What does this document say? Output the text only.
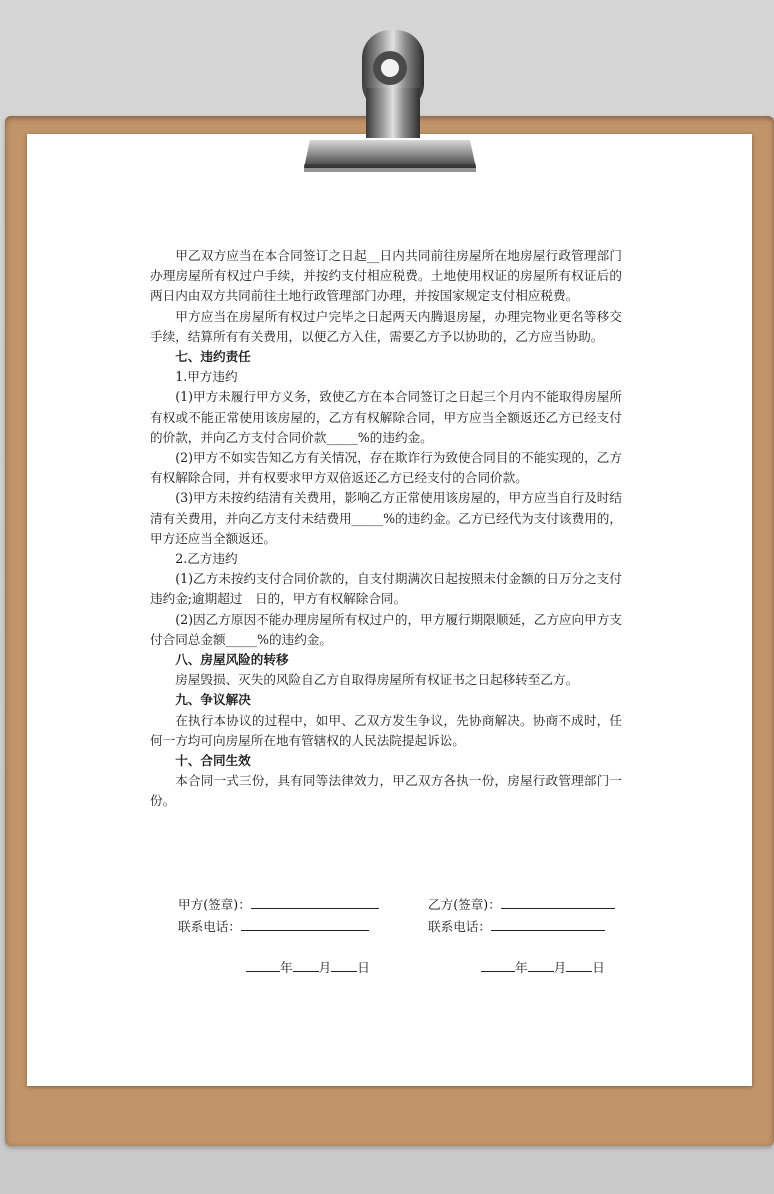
甲乙双方应当在本合同签订之日起__日内共同前往房屋所在地房屋行政管理部门办理房屋所有权过户手续，并按约支付相应税费。土地使用权证的房屋所有权证后的两日内由双方共同前往土地行政管理部门办理，并按国家规定支付相应税费。

甲方应当在房屋所有权过户完毕之日起两天内腾退房屋，办理完物业更名等移交手续，结算所有有关费用，以便乙方入住，需要乙方予以协助的，乙方应当协助。

七、违约责任
1.甲方违约

(1)甲方未履行甲方义务，致使乙方在本合同签订之日起三个月内不能取得房屋所有权或不能正常使用该房屋的，乙方有权解除合同，甲方应当全额返还乙方已经支付的价款，并向乙方支付合同价款_____%的违约金。

(2)甲方不如实告知乙方有关情况，存在欺诈行为致使合同目的不能实现的，乙方有权解除合同，并有权要求甲方双倍返还乙方已经支付的合同价款。

(3)甲方未按约结清有关费用，影响乙方正常使用该房屋的，甲方应当自行及时结清有关费用，并向乙方支付未结费用_____%的违约金。乙方已经代为支付该费用的，甲方还应当全额返还。

2.乙方违约

(1)乙方未按约支付合同价款的，自支付期满次日起按照未付金额的日万分之支付违约金;逾期超过　日的，甲方有权解除合同。

(2)因乙方原因不能办理房屋所有权过户的，甲方履行期限顺延，乙方应向甲方支付合同总金额_____%的违约金。

八、房屋风险的转移

房屋毁损、灭失的风险自乙方自取得房屋所有权证书之日起移转至乙方。

九、争议解决

在执行本协议的过程中，如甲、乙双方发生争议，先协商解决。协商不成时，任何一方均可向房屋所在地有管辖权的人民法院提起诉讼。

十、合同生效

本合同一式三份，具有同等法律效力，甲乙双方各执一份，房屋行政管理部门一份。

甲方(签章)：
联系电话：
乙方(签章)：
联系电话：
年 月 日	年 月 日
